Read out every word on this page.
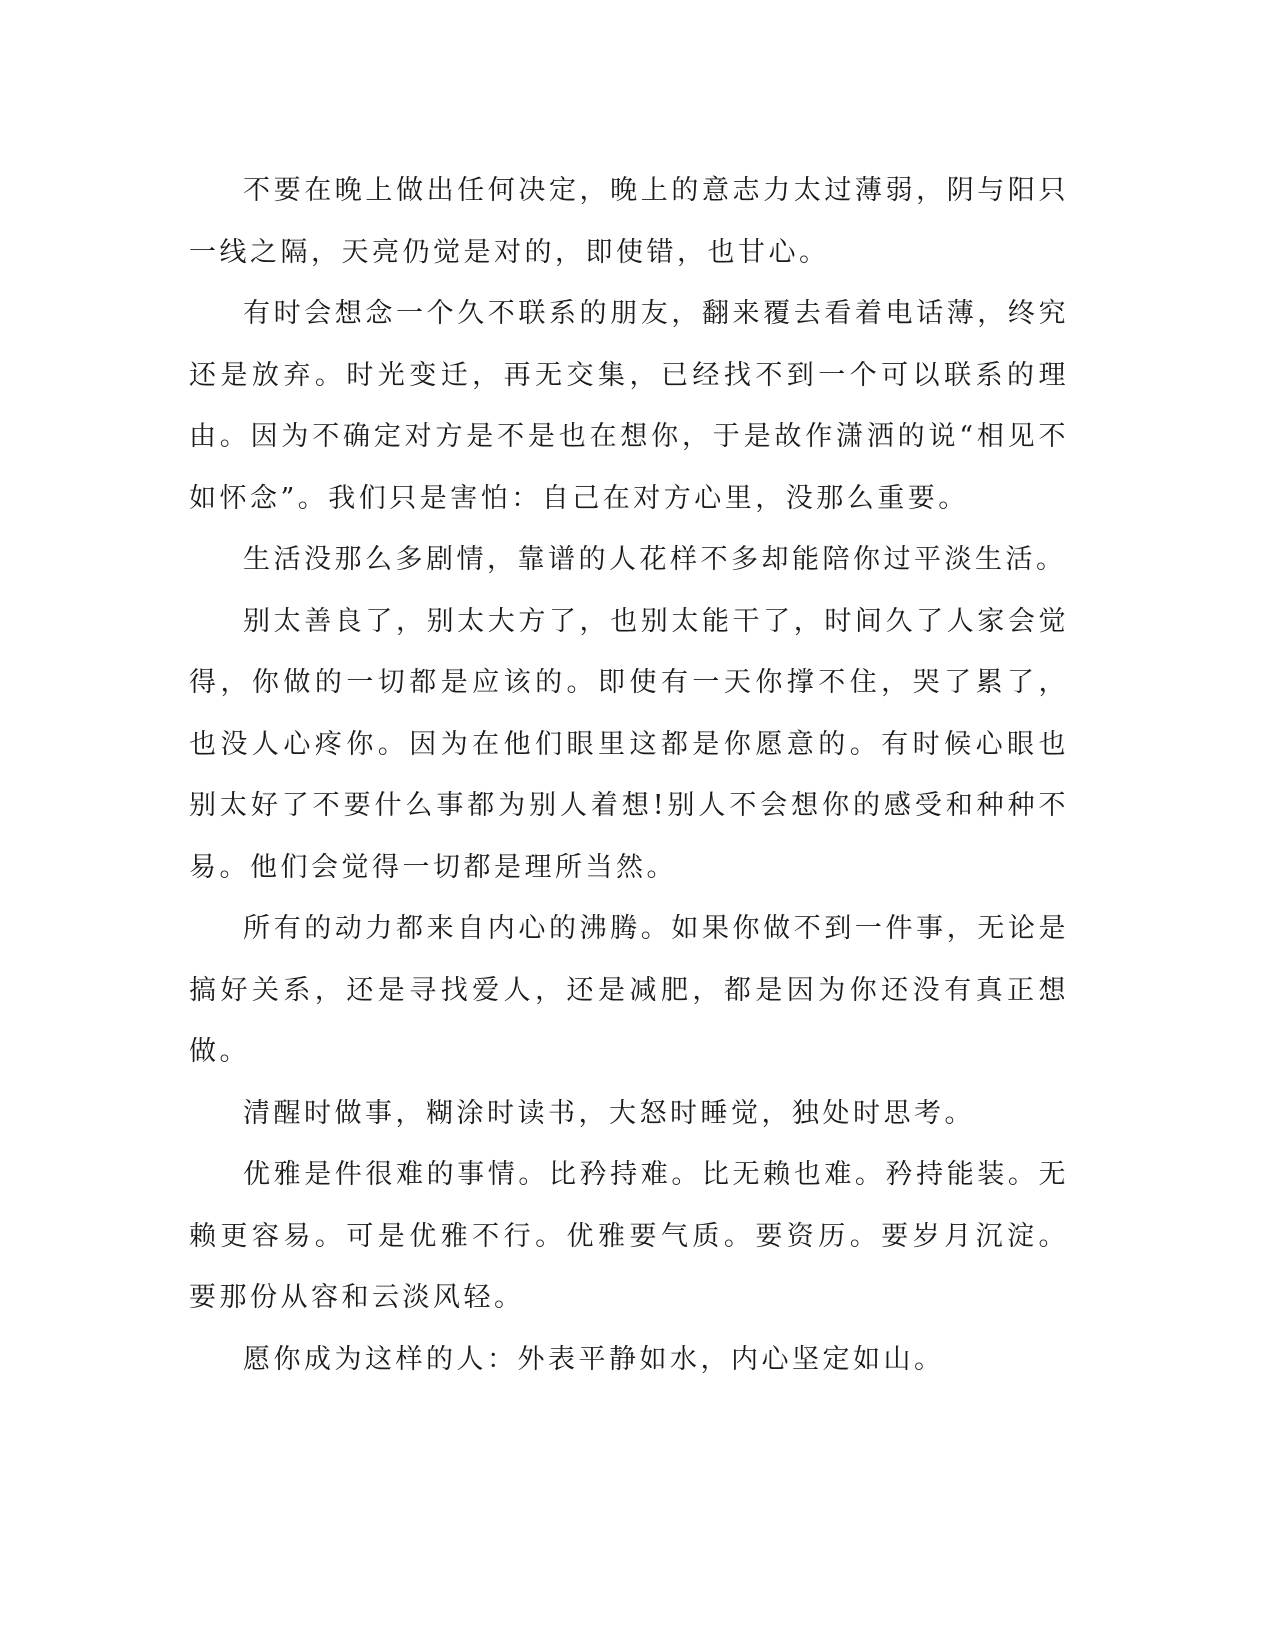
不要在晚上做出任何决定，晚上的意志力太过薄弱，阴与阳只一线之隔，天亮仍觉是对的，即使错，也甘心。

有时会想念一个久不联系的朋友，翻来覆去看着电话薄，终究还是放弃。时光变迁，再无交集，已经找不到一个可以联系的理由。因为不确定对方是不是也在想你，于是故作潇洒的说“相见不如怀念”。我们只是害怕：自己在对方心里，没那么重要。

生活没那么多剧情，靠谱的人花样不多却能陪你过平淡生活。

别太善良了，别太大方了，也别太能干了，时间久了人家会觉得，你做的一切都是应该的。即使有一天你撑不住，哭了累了，也没人心疼你。因为在他们眼里这都是你愿意的。有时候心眼也别太好了不要什么事都为别人着想!别人不会想你的感受和种种不易。他们会觉得一切都是理所当然。

所有的动力都来自内心的沸腾。如果你做不到一件事，无论是搞好关系，还是寻找爱人，还是减肥，都是因为你还没有真正想做。

清醒时做事，糊涂时读书，大怒时睡觉，独处时思考。

优雅是件很难的事情。比矜持难。比无赖也难。矜持能装。无赖更容易。可是优雅不行。优雅要气质。要资历。要岁月沉淀。要那份从容和云淡风轻。

愿你成为这样的人：外表平静如水，内心坚定如山。
